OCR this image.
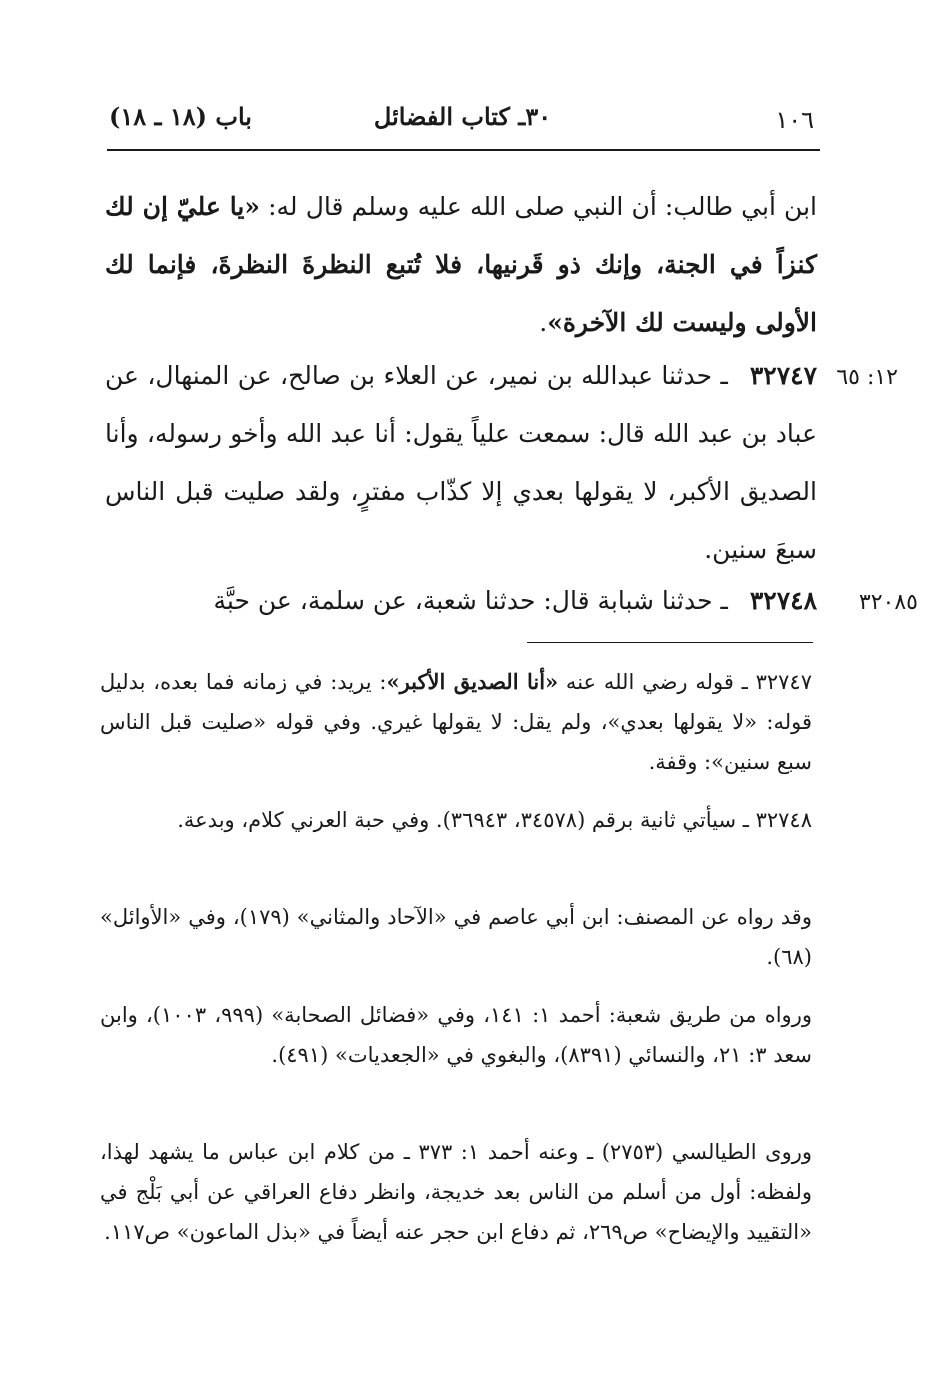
١٠٦
٣٠ـ كتاب الفضائل
باب (١٨ ـ ١٨)
ابن أبي طالب: أن النبي صلى الله عليه وسلم قال له: «يا عليّ إن لك كنزاً في الجنة، وإنك ذو قَرنيها، فلا تُتبع النظرةَ النظرةَ، فإنما لك الأولى وليست لك الآخرة».
١٢: ٦٥
٣٢٧٤٧ـ حدثنا عبدالله بن نمير، عن العلاء بن صالح، عن المنهال، عن عباد بن عبد الله قال: سمعت علياً يقول: أنا عبد الله وأخو رسوله، وأنا الصديق الأكبر، لا يقولها بعدي إلا كذّاب مفترٍ، ولقد صليت قبل الناس سبعَ سنين.
٣٢٠٨٥
٣٢٧٤٨ـ حدثنا شبابة قال: حدثنا شعبة، عن سلمة، عن حبَّة
٣٢٧٤٧ ـ قوله رضي الله عنه «أنا الصديق الأكبر»: يريد: في زمانه فما بعده، بدليل قوله: «لا يقولها بعدي»، ولم يقل: لا يقولها غيري. وفي قوله «صليت قبل الناس سبع سنين»: وقفة.
٣٢٧٤٨ ـ سيأتي ثانية برقم (٣٤٥٧٨، ٣٦٩٤٣). وفي حبة العرني كلام، وبدعة.
وقد رواه عن المصنف: ابن أبي عاصم في «الآحاد والمثاني» (١٧٩)، وفي «الأوائل» (٦٨).
ورواه من طريق شعبة: أحمد ١: ١٤١، وفي «فضائل الصحابة» (٩٩٩، ١٠٠٣)، وابن سعد ٣: ٢١، والنسائي (٨٣٩١)، والبغوي في «الجعديات» (٤٩١).
وروى الطيالسي (٢٧٥٣) ـ وعنه أحمد ١: ٣٧٣ ـ من كلام ابن عباس ما يشهد لهذا، ولفظه: أول من أسلم من الناس بعد خديجة، وانظر دفاع العراقي عن أبي بَلْج في «التقييد والإيضاح» ص٢٦٩، ثم دفاع ابن حجر عنه أيضاً في «بذل الماعون» ص١١٧.
